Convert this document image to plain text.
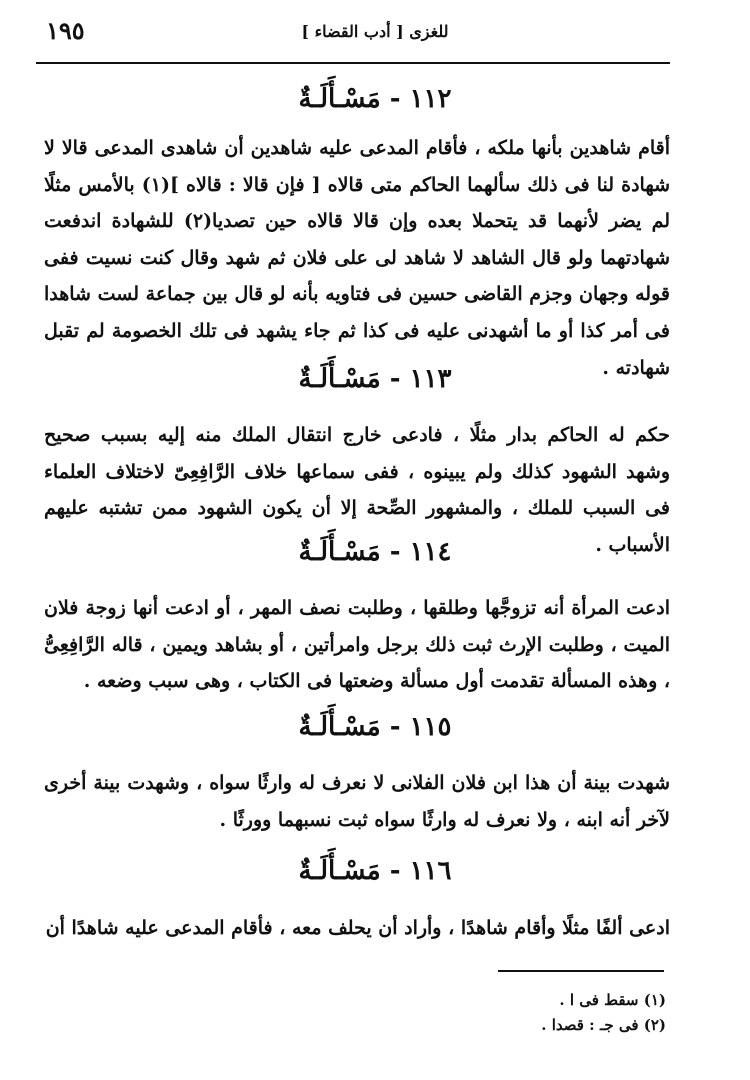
١٩٥	[ أدب القضاء ] للغزى
١١٢ - مَسْـأَلَـةٌ
أقام شاهدين بأنها ملكه ، فأقام المدعى عليه شاهدين أن شاهدى المدعى قالا لا شهادة لنا فى ذلك سألهما الحاكم متى قالاه [ فإن قالا : قالاه ](١) بالأمس مثلًا لم يضر لأنهما قد يتحملا بعده وإن قالا قالاه حين تصديا(٢) للشهادة اندفعت شهادتهما ولو قال الشاهد لا شاهد لى على فلان ثم شهد وقال كنت نسيت ففى قوله وجهان وجزم القاضى حسين فى فتاويه بأنه لو قال بين جماعة لست شاهدا فى أمر كذا أو ما أشهدنى عليه فى كذا ثم جاء يشهد فى تلك الخصومة لم تقبل شهادته .
١١٣ - مَسْـأَلَـةٌ
حكم له الحاكم بدار مثلًا ، فادعى خارج انتقال الملك منه إليه بسبب صحيح وشهد الشهود كذلك ولم يبينوه ، ففى سماعها خلاف الرَّافِعِىّ لاختلاف العلماء فى السبب للملك ، والمشهور الصِّحة إلا أن يكون الشهود ممن تشتبه عليهم الأسباب .
١١٤ - مَسْـأَلَـةٌ
ادعت المرأة أنه تزوجَّها وطلقها ، وطلبت نصف المهر ، أو ادعت أنها زوجة فلان الميت ، وطلبت الإرث ثبت ذلك برجل وامرأتين ، أو بشاهد ويمين ، قاله الرَّافِعِىُّ ، وهذه المسألة تقدمت أول مسألة وضعتها فى الكتاب ، وهى سبب وضعه .
١١٥ - مَسْـأَلَـةٌ
شهدت بينة أن هذا ابن فلان الفلانى لا نعرف له وارثًا سواه ، وشهدت بينة أخرى لآخر أنه ابنه ، ولا نعرف له وارثًا سواه ثبت نسبهما وورثًا .
١١٦ - مَسْـأَلَـةٌ
ادعى ألفًا مثلًا وأقام شاهدًا ، وأراد أن يحلف معه ، فأقام المدعى عليه شاهدًا أن
(١) سقط فى ا .
(٢) فى جـ : قصدا .
